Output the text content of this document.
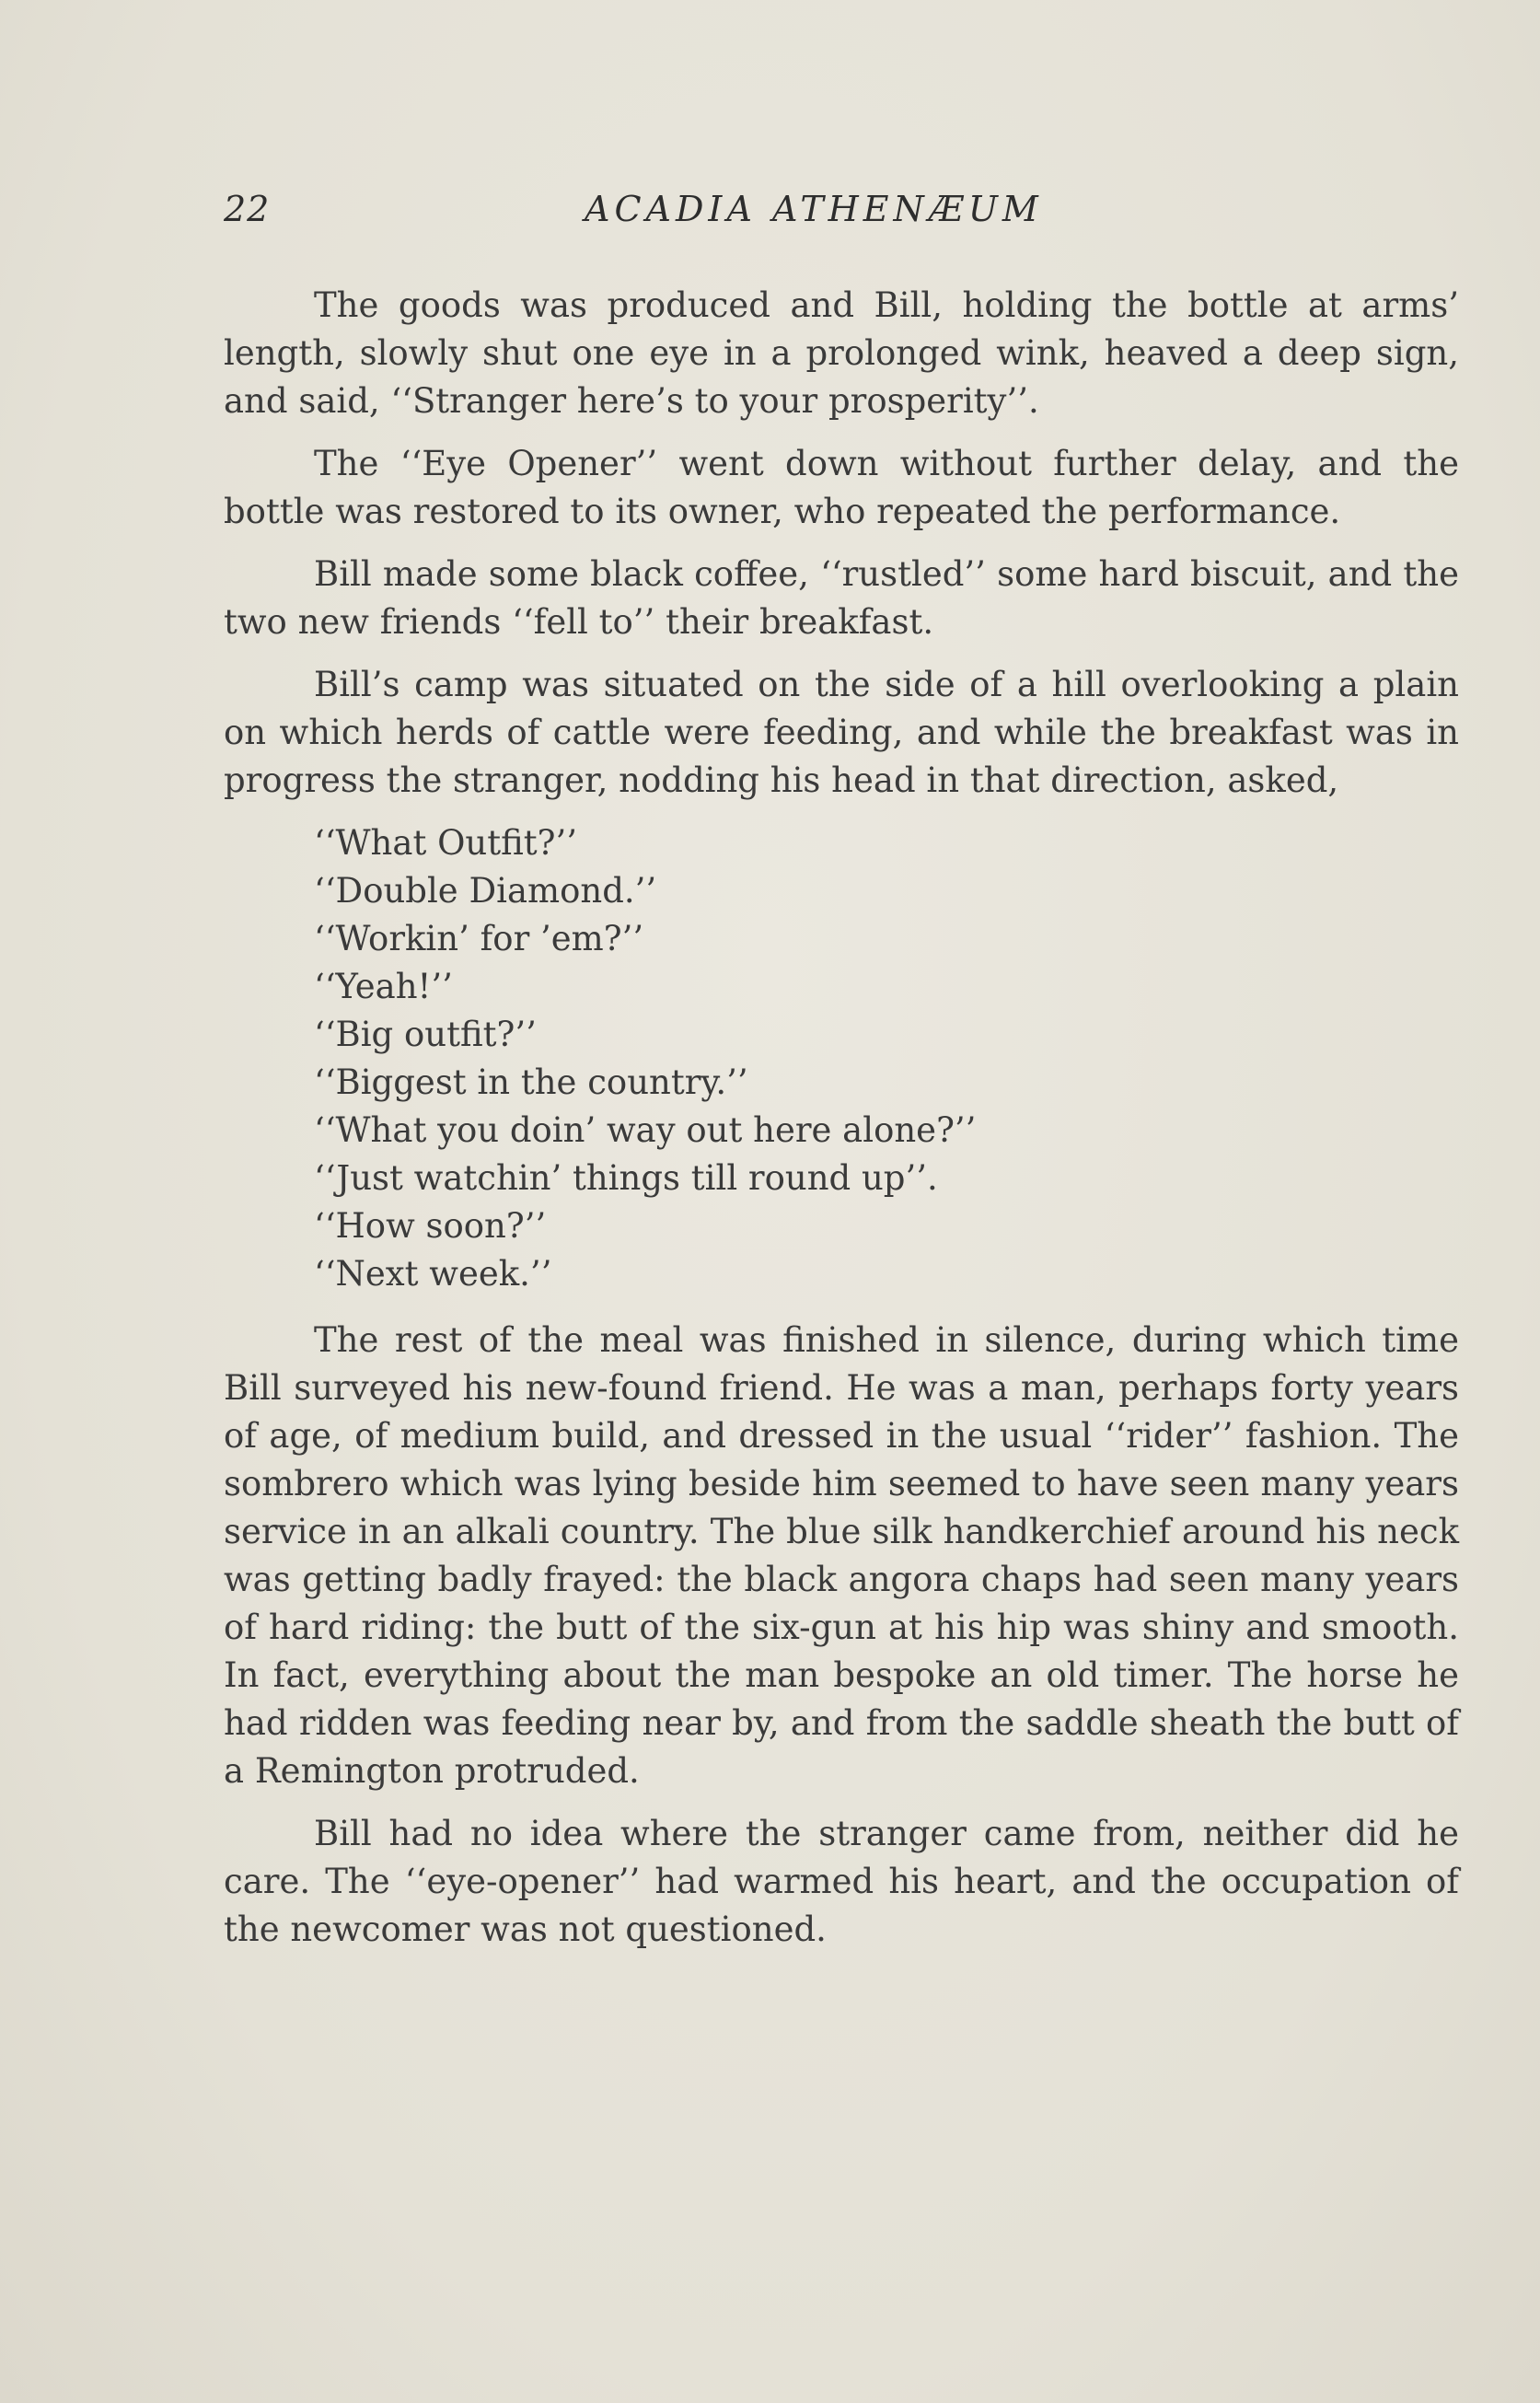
22	ACADIA ATHENÆUM

The goods was produced and Bill, holding the bottle at arms’ length, slowly shut one eye in a prolonged wink, heaved a deep sign, and said, ‘‘Stranger here’s to your prosperity’’.

The ‘‘Eye Opener’’ went down without further delay, and the bottle was restored to its owner, who repeated the performance.

Bill made some black coffee, ‘‘rustled’’ some hard biscuit, and the two new friends ‘‘fell to’’ their breakfast.

Bill’s camp was situated on the side of a hill overlooking a plain on which herds of cattle were feeding, and while the breakfast was in progress the stranger, nodding his head in that direction, asked,

‘‘What Outfit?’’
‘‘Double Diamond.’’
‘‘Workin’ for ’em?’’
‘‘Yeah!’’
‘‘Big outfit?’’
‘‘Biggest in the country.’’
‘‘What you doin’ way out here alone?’’
‘‘Just watchin’ things till round up’’.
‘‘How soon?’’
‘‘Next week.’’

The rest of the meal was finished in silence, during which time Bill surveyed his new-found friend. He was a man, perhaps forty years of age, of medium build, and dressed in the usual ‘‘rider’’ fashion. The sombrero which was lying beside him seemed to have seen many years service in an alkali country. The blue silk handkerchief around his neck was getting badly frayed: the black angora chaps had seen many years of hard riding: the butt of the six-gun at his hip was shiny and smooth. In fact, everything about the man bespoke an old timer. The horse he had ridden was feeding near by, and from the saddle sheath the butt of a Remington protruded.

Bill had no idea where the stranger came from, neither did he care. The ‘‘eye-opener’’ had warmed his heart, and the occupation of the newcomer was not questioned.
